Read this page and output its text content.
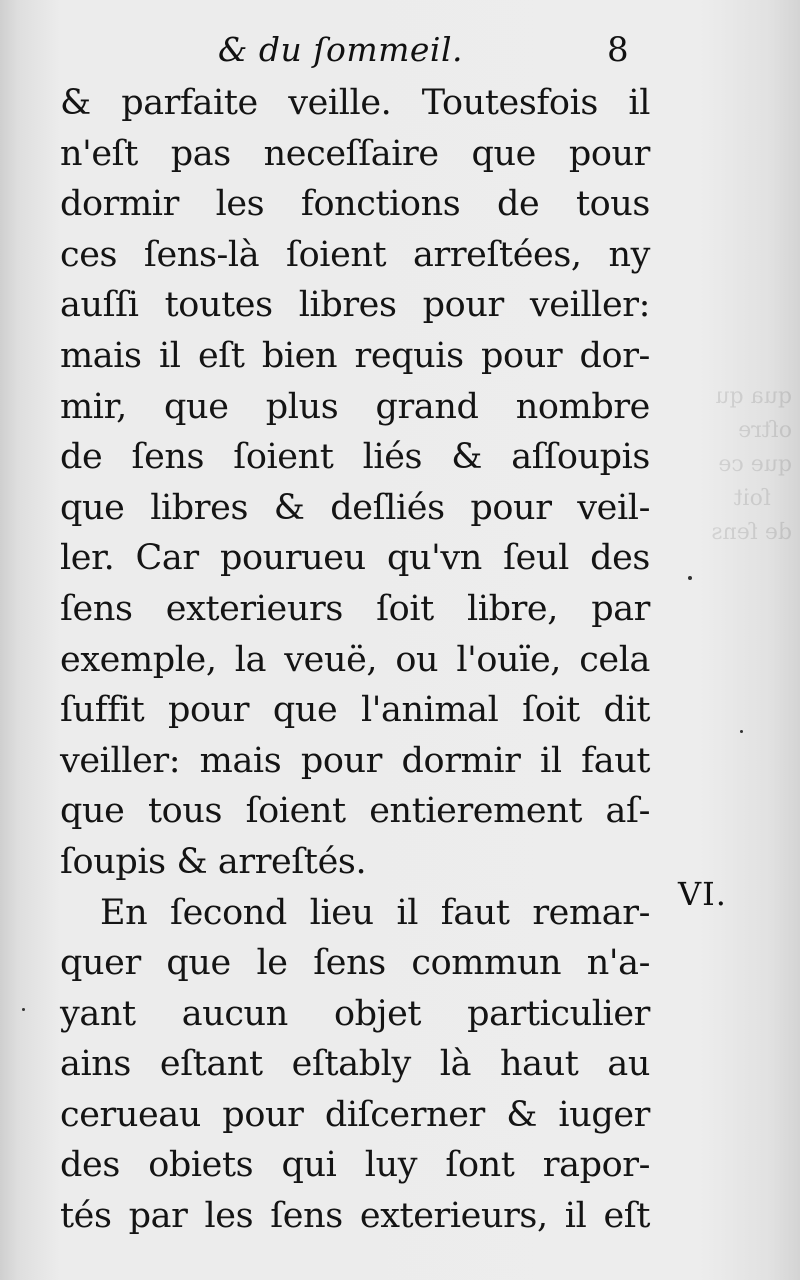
qua qu
oſtre
que ce
ſoit
de ſens
& du ſommeil.	8
& parfaite veille. Toutesfois il
n'eſt pas neceſſaire que pour
dormir les fonctions de tous
ces ſens-là ſoient arreſtées, ny
auſſi toutes libres pour veiller:
mais il eſt bien requis pour dor-
mir, que plus grand nombre
de ſens ſoient liés & aſſoupis
que libres & deſliés pour veil-
ler. Car pourueu qu'vn ſeul des
ſens exterieurs ſoit libre, par
exemple, la veuë, ou l'ouïe, cela
ſuffit pour que l'animal ſoit dit
veiller: mais pour dormir il faut
que tous ſoient entierement aſ-
ſoupis & arreſtés.
En ſecond lieu il faut remar-
quer que le ſens commun n'a-
yant aucun objet particulier
ains eſtant eſtably là haut au
cerueau pour diſcerner & iuger
des obiets qui luy ſont rapor-
tés par les ſens exterieurs, il eſt
VI.
